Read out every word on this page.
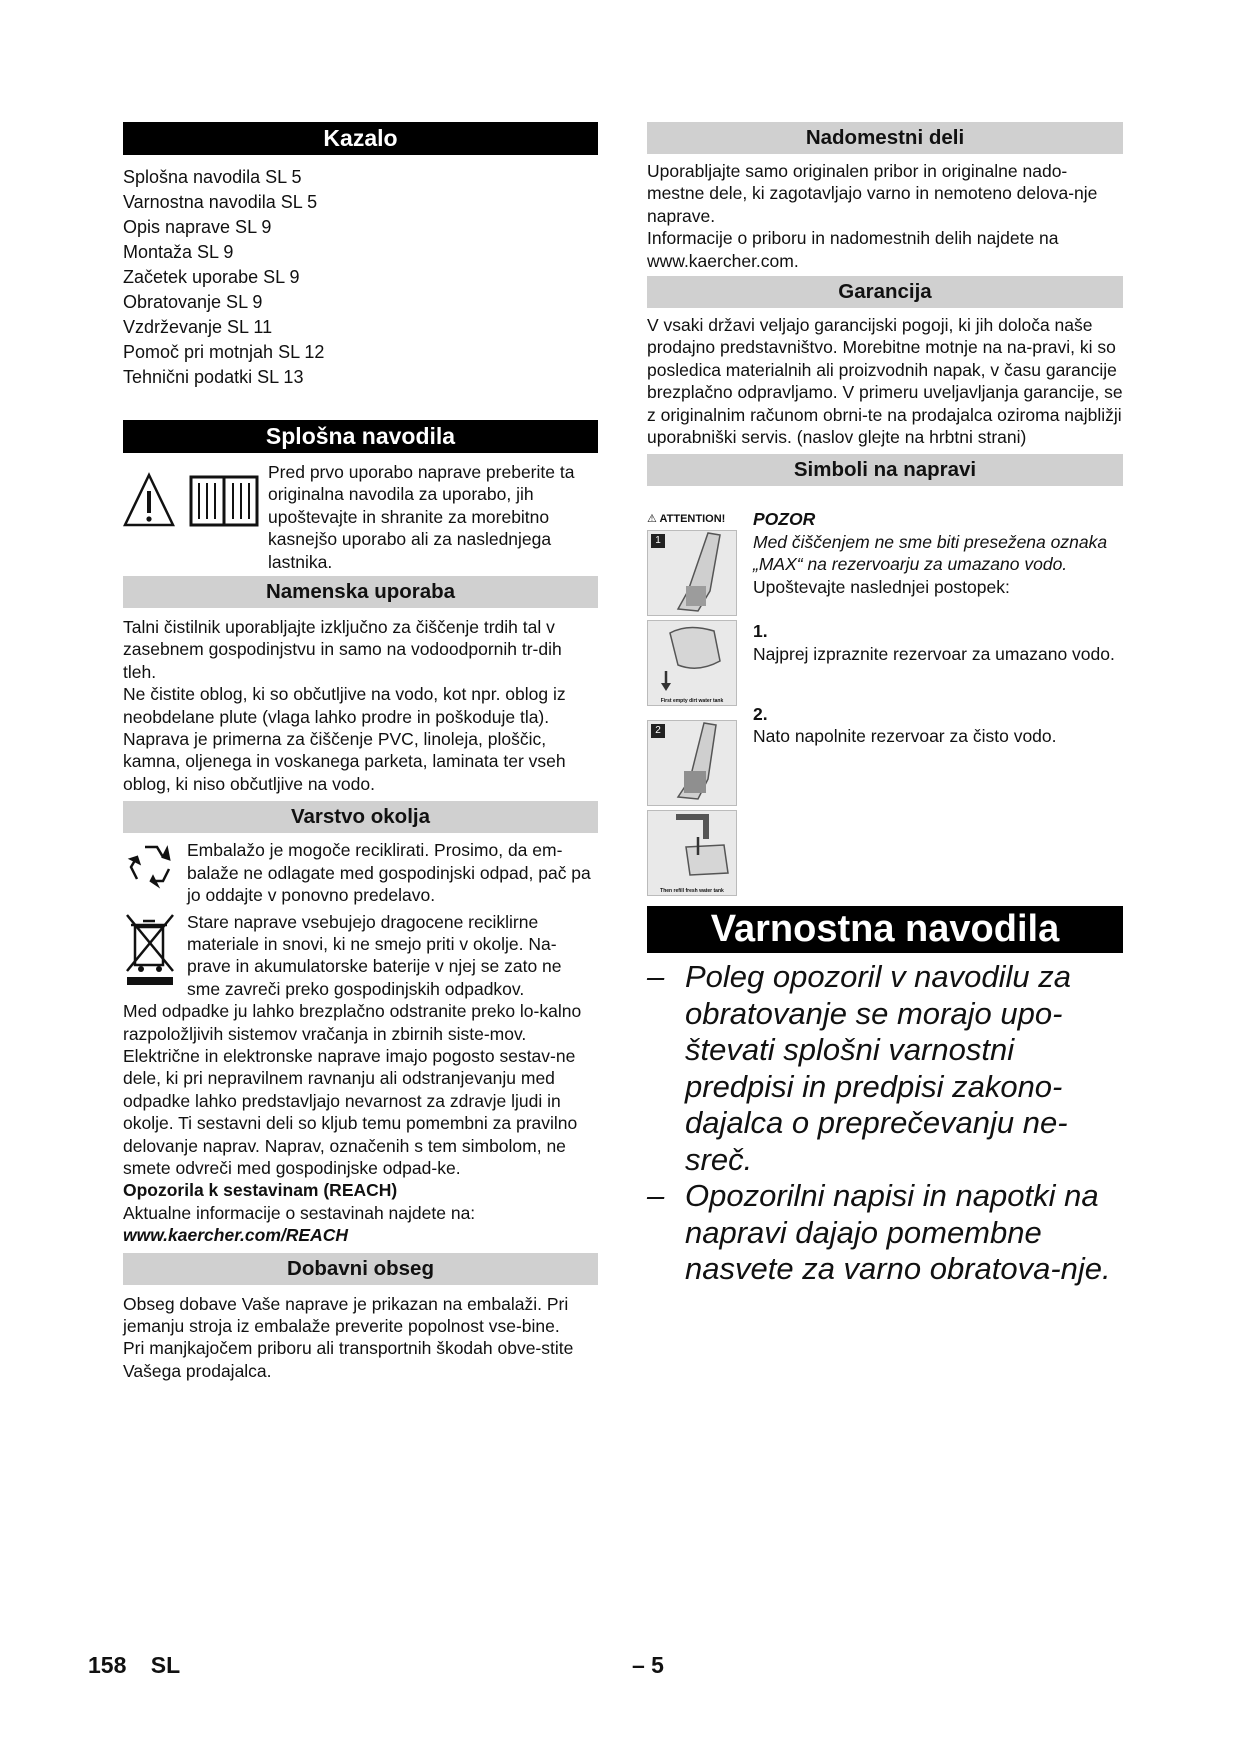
Kazalo
Splošna navodila SL 5
Varnostna navodila SL 5
Opis naprave SL 9
Montaža SL 9
Začetek uporabe SL 9
Obratovanje SL 9
Vzdrževanje SL 11
Pomoč pri motnjah SL 12
Tehnični podatki SL 13
Splošna navodila

Pred prvo uporabo naprave preberite ta originalna navodila za uporabo, jih upoštevajte in shranite za morebitno kasnejšo uporabo ali za naslednjega lastnika.

Namenska uporaba

Talni čistilnik uporabljajte izključno za čiščenje trdih tal v zasebnem gospodinjstvu in samo na vodoodpornih tr-dih tleh.

Ne čistite oblog, ki so občutljive na vodo, kot npr. oblog iz neobdelane plute (vlaga lahko prodre in poškoduje tla).

Naprava je primerna za čiščenje PVC, linoleja, ploščic, kamna, oljenega in voskanega parketa, laminata ter vseh oblog, ki niso občutljive na vodo.

Varstvo okolja

Embalažo je mogoče reciklirati. Prosimo, da em-balaže ne odlagate med gospodinjski odpad, pač pa jo oddajte v ponovno predelavo.

Stare naprave vsebujejo dragocene reciklirne materiale in snovi, ki ne smejo priti v okolje. Na-prave in akumulatorske baterije v njej se zato ne sme zavreči preko gospodinjskih odpadkov.

Med odpadke ju lahko brezplačno odstranite preko lo-kalno razpoložljivih sistemov vračanja in zbirnih siste-mov.

Električne in elektronske naprave imajo pogosto sestav-ne dele, ki pri nepravilnem ravnanju ali odstranjevanju med odpadke lahko predstavljajo nevarnost za zdravje ljudi in okolje. Ti sestavni deli so kljub temu pomembni za pravilno delovanje naprav. Naprav, označenih s tem simbolom, ne smete odvreči med gospodinjske odpad-ke.

Opozorila k sestavinam (REACH)

Aktualne informacije o sestavinah najdete na:

www.kaercher.com/REACH

Dobavni obseg

Obseg dobave Vaše naprave je prikazan na embalaži. Pri jemanju stroja iz embalaže preverite popolnost vse-bine.

Pri manjkajočem priboru ali transportnih škodah obve-stite Vašega prodajalca.

Nadomestni deli

Uporabljajte samo originalen pribor in originalne nado-mestne dele, ki zagotavljajo varno in nemoteno delova-nje naprave.

Informacije o priboru in nadomestnih delih najdete na www.kaercher.com.

Garancija

V vsaki državi veljajo garancijski pogoji, ki jih določa naše prodajno predstavništvo. Morebitne motnje na na-pravi, ki so posledica materialnih ali proizvodnih napak, v času garancije brezplačno odpravljamo. V primeru uveljavljanja garancije, se z originalnim računom obrni-te na prodajalca oziroma najbližji uporabniški servis. (naslov glejte na hrbtni strani)

Simboli na napravi
⚠ ATTENTION!
1
First empty dirt water tank
2
Then refill fresh water tank

POZOR

Med čiščenjem ne sme biti presežena oznaka „MAX“ na rezervoarju za umazano vodo.

Upoštevajte naslednjei postopek:

1.

Najprej izpraznite rezervoar za umazano vodo.

2.

Nato napolnite rezervoar za čisto vodo.

Varnostna navodila
– Poleg opozoril v navodilu za obratovanje se morajo upo-števati splošni varnostni predpisi in predpisi zakono-dajalca o preprečevanju ne-sreč.
– Opozorilni napisi in napotki na napravi dajajo pomembne nasvete za varno obratova-nje.
158 SL	– 5
